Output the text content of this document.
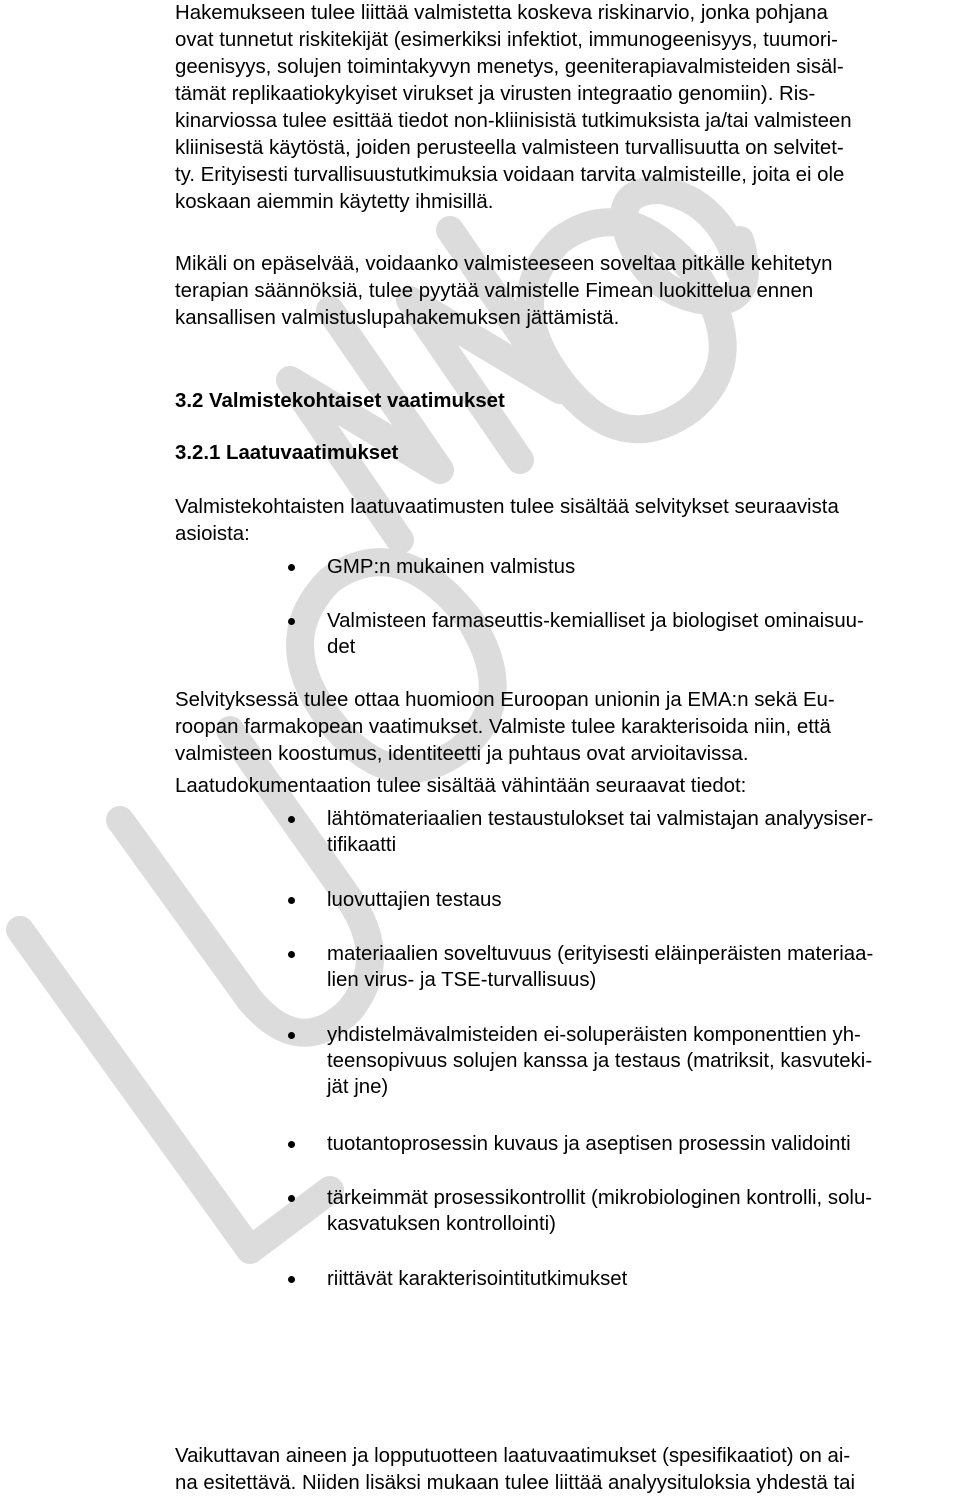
Hakemukseen tulee liittää valmistetta koskeva riskinarvio, jonka pohjana
ovat tunnetut riskitekijät (esimerkiksi infektiot, immunogeenisyys, tuumori-
geenisyys, solujen toimintakyvyn menetys, geeniterapiavalmisteiden sisäl-
tämät replikaatiokykyiset virukset ja virusten integraatio genomiin). Ris-
kinarviossa tulee esittää tiedot non-kliinisistä tutkimuksista ja/tai valmisteen
kliinisestä käytöstä, joiden perusteella valmisteen turvallisuutta on selvitet-
ty. Erityisesti turvallisuustutkimuksia voidaan tarvita valmisteille, joita ei ole
koskaan aiemmin käytetty ihmisillä.

Mikäli on epäselvää, voidaanko valmisteeseen soveltaa pitkälle kehitetyn
terapian säännöksiä, tulee pyytää valmistelle Fimean luokittelua ennen
kansallisen valmistuslupahakemuksen jättämistä.

3.2 Valmistekohtaiset vaatimukset
3.2.1 Laatuvaatimukset

Valmistekohtaisten laatuvaatimusten tulee sisältää selvitykset seuraavista
asioista:

GMP:n mukainen valmistus
Valmisteen farmaseuttis-kemialliset ja biologiset ominaisuu-
det

Selvityksessä tulee ottaa huomioon Euroopan unionin ja EMA:n sekä Eu-
roopan farmakopean vaatimukset. Valmiste tulee karakterisoida niin, että
valmisteen koostumus, identiteetti ja puhtaus ovat arvioitavissa.

Laatudokumentaation tulee sisältää vähintään seuraavat tiedot:

lähtömateriaalien testaustulokset tai valmistajan analyysiser-
tifikaatti
luovuttajien testaus
materiaalien soveltuvuus (erityisesti eläinperäisten materiaa-
lien virus- ja TSE-turvallisuus)
yhdistelmävalmisteiden ei-soluperäisten komponenttien yh-
teensopivuus solujen kanssa ja testaus (matriksit, kasvuteki-
jät jne)
tuotantoprosessin kuvaus ja aseptisen prosessin validointi
tärkeimmät prosessikontrollit (mikrobiologinen kontrolli, solu-
kasvatuksen kontrollointi)
riittävät karakterisointitutkimukset

Vaikuttavan aineen ja lopputuotteen laatuvaatimukset (spesifikaatiot) on ai-
na esitettävä. Niiden lisäksi mukaan tulee liittää analyysituloksia yhdestä tai
